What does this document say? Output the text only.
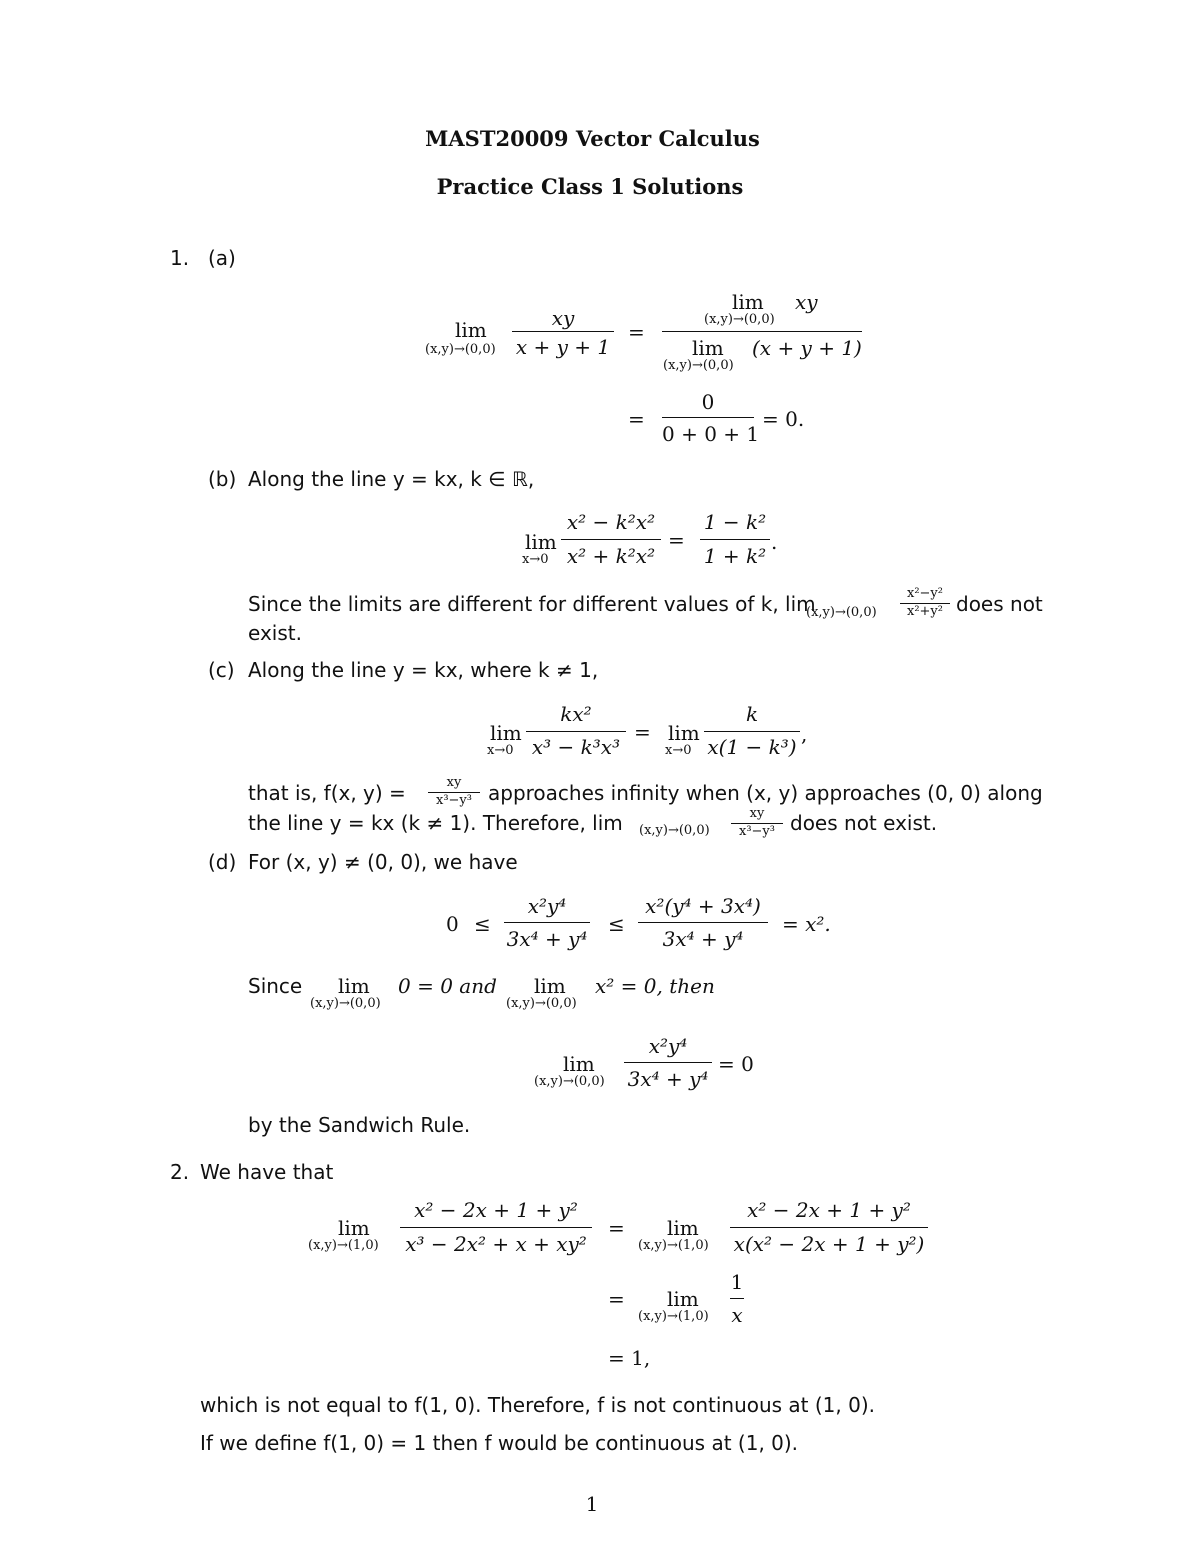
MAST20009 Vector Calculus
Practice Class 1 Solutions
1. (a)
lim
(x,y)→(0,0)
xy
x + y + 1
=
lim xy
(x,y)→(0,0)
lim (x + y + 1)
(x,y)→(0,0)
=
0
0 + 0 + 1
= 0.
(b) Along the line y = kx, k ∈ ℝ,
lim
x→0
x² − k²x²
x² + k²x²
=
1 − k²
1 + k²
.
Since the limits are different for different values of k, lim
(x,y)→(0,0)
x²−y²
x²+y² does not
exist.
(c) Along the line y = kx, where k ≠ 1,
lim
x→0
kx²
x³ − k³x³
= lim
x→0
k
x(1 − k³)
,
that is, f(x, y) =	xy
x³−y³ approaches infinity when (x, y) approaches (0, 0) along
the line y = kx (k ≠ 1). Therefore, lim (x,y)→(0,0)
xy
x³−y³ does not exist.
(d) For (x, y) ≠ (0, 0), we have
0 ≤
x²y⁴
3x⁴ + y⁴
≤
x²(y⁴ + 3x⁴)
3x⁴ + y⁴
= x².
Since lim
(x,y)→(0,0)
0 = 0 and lim
(x,y)→(0,0)
x² = 0, then
lim
(x,y)→(0,0)
x²y⁴
3x⁴ + y⁴
= 0
by the Sandwich Rule.
2. We have that
lim
(x,y)→(1,0)
x² − 2x + 1 + y²
x³ − 2x² + x + xy²
= lim
(x,y)→(1,0)
x² − 2x + 1 + y²
x(x² − 2x + 1 + y²)
= lim
(x,y)→(1,0)
1
x
= 1,
which is not equal to f(1, 0). Therefore, f is not continuous at (1, 0).
If we define f(1, 0) = 1 then f would be continuous at (1, 0).
1
